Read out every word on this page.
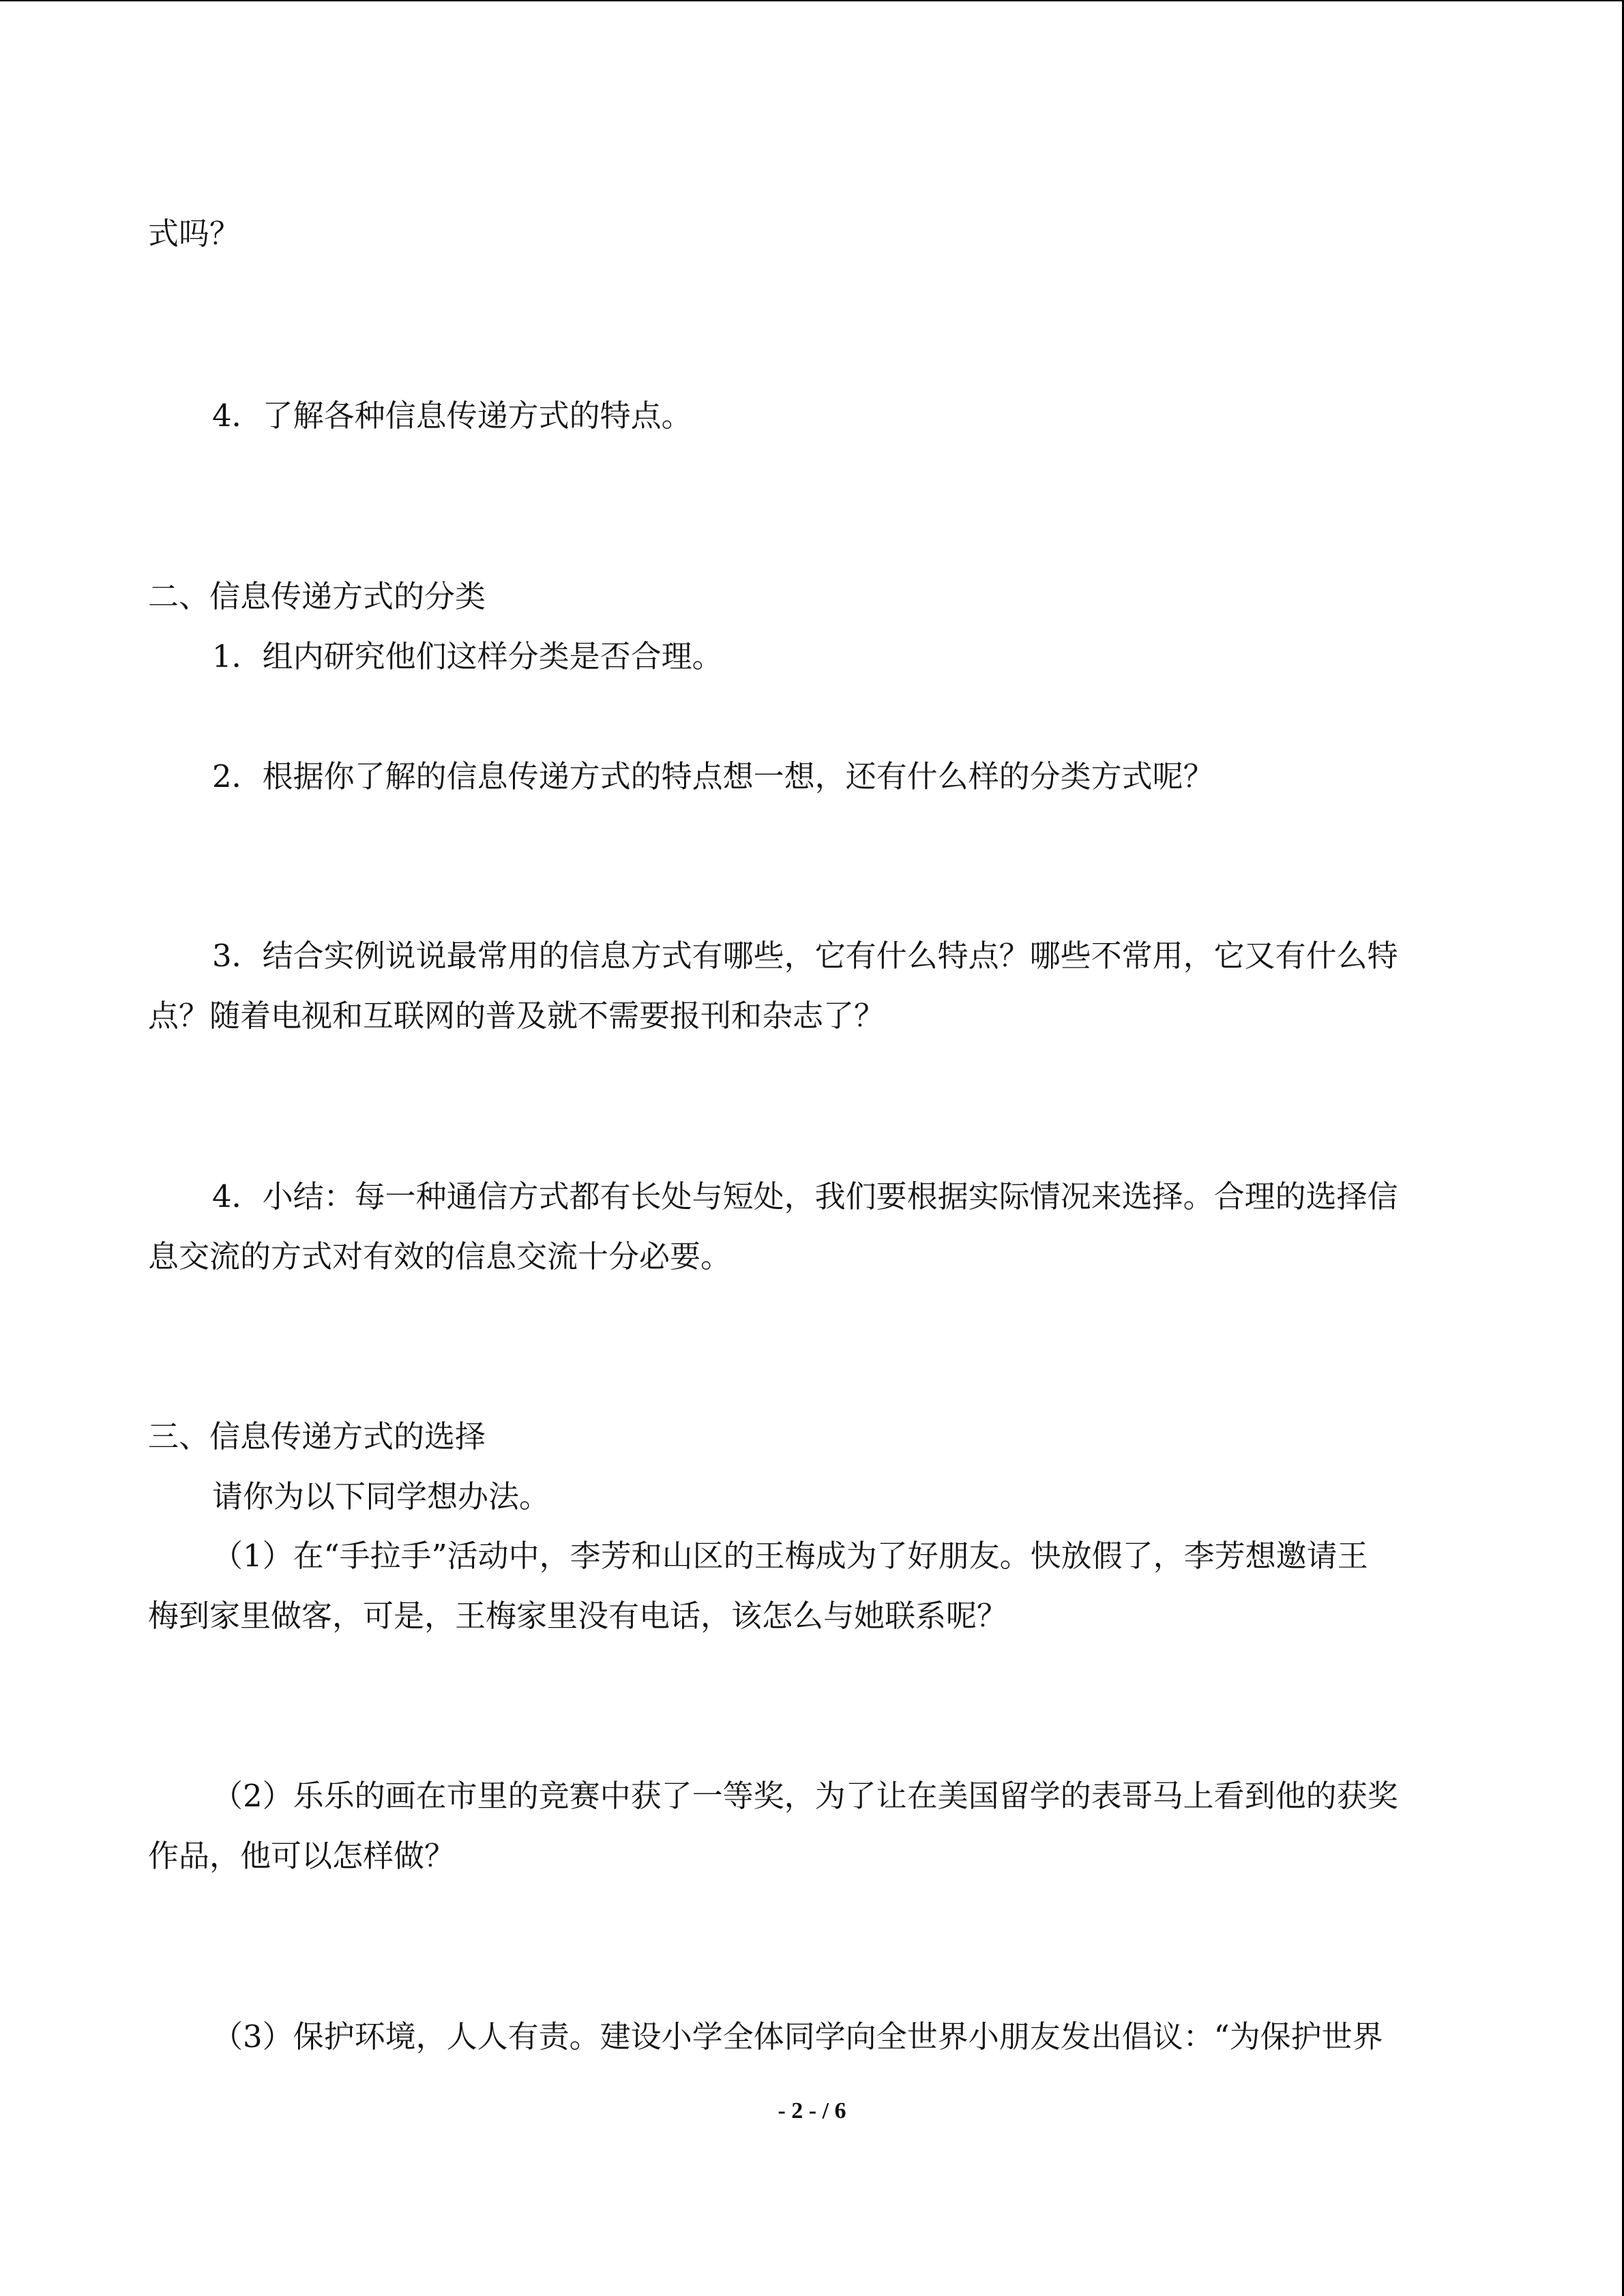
式吗？
4．了解各种信息传递方式的特点。
二、信息传递方式的分类
1．组内研究他们这样分类是否合理。
2．根据你了解的信息传递方式的特点想一想，还有什么样的分类方式呢？
3．结合实例说说最常用的信息方式有哪些，它有什么特点？哪些不常用，它又有什么特
点？随着电视和互联网的普及就不需要报刊和杂志了？
4．小结：每一种通信方式都有长处与短处，我们要根据实际情况来选择。合理的选择信
息交流的方式对有效的信息交流十分必要。
三、信息传递方式的选择
请你为以下同学想办法。
（1）在“手拉手”活动中，李芳和山区的王梅成为了好朋友。快放假了，李芳想邀请王
梅到家里做客，可是，王梅家里没有电话，该怎么与她联系呢？
（2）乐乐的画在市里的竞赛中获了一等奖，为了让在美国留学的表哥马上看到他的获奖
作品，他可以怎样做？
（3）保护环境，人人有责。建设小学全体同学向全世界小朋友发出倡议：“为保护世界
- 2 - / 6
